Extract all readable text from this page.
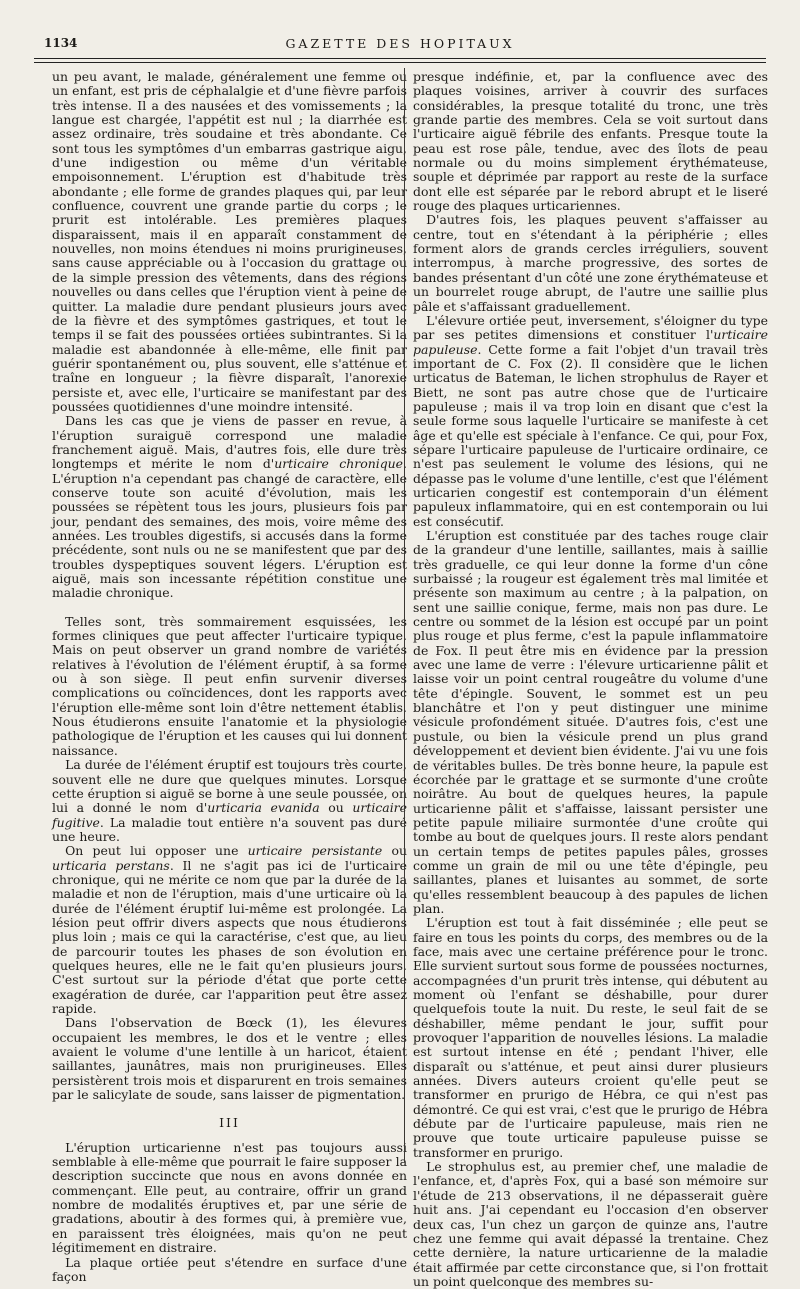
1134	GAZETTE DES HOPITAUX

un peu avant, le malade, généralement une femme ou un enfant, est pris de céphalalgie et d'une fièvre parfois très intense. Il a des nausées et des vomissements ; la langue est chargée, l'appétit est nul ; la diarrhée est assez ordinaire, très soudaine et très abondante. Ce sont tous les symptômes d'un embarras gastrique aigu, d'une indigestion ou même d'un véritable empoisonnement. L'éruption est d'habitude très abondante ; elle forme de grandes plaques qui, par leur confluence, couvrent une grande partie du corps ; le prurit est intolérable. Les premières plaques disparaissent, mais il en apparaît constamment de nouvelles, non moins étendues ni moins prurigineuses, sans cause appréciable ou à l'occasion du grattage ou de la simple pression des vêtements, dans des régions nouvelles ou dans celles que l'éruption vient à peine de quitter. La maladie dure pendant plusieurs jours avec de la fièvre et des symptômes gastriques, et tout le temps il se fait des poussées ortiées subintrantes. Si la maladie est abandonnée à elle-même, elle finit par guérir spontanément ou, plus souvent, elle s'atténue et traîne en longueur ; la fièvre disparaît, l'anorexie persiste et, avec elle, l'urticaire se manifestant par des poussées quotidiennes d'une moindre intensité.

Dans les cas que je viens de passer en revue, à l'éruption suraiguë correspond une maladie franchement aiguë. Mais, d'autres fois, elle dure très longtemps et mérite le nom d'urticaire chronique. L'éruption n'a cependant pas changé de caractère, elle conserve toute son acuité d'évolution, mais les poussées se répètent tous les jours, plusieurs fois par jour, pendant des semaines, des mois, voire même des années. Les troubles digestifs, si accusés dans la forme précédente, sont nuls ou ne se manifestent que par des troubles dyspeptiques souvent légers. L'éruption est aiguë, mais son incessante répétition constitue une maladie chronique.

Telles sont, très sommairement esquissées, les formes cliniques que peut affecter l'urticaire typique. Mais on peut observer un grand nombre de variétés relatives à l'évolution de l'élément éruptif, à sa forme ou à son siège. Il peut enfin survenir diverses complications ou coïncidences, dont les rapports avec l'éruption elle-même sont loin d'être nettement établis. Nous étudierons ensuite l'anatomie et la physiologie pathologique de l'éruption et les causes qui lui donnent naissance.

La durée de l'élément éruptif est toujours très courte, souvent elle ne dure que quelques minutes. Lorsque cette éruption si aiguë se borne à une seule poussée, on lui a donné le nom d'urticaria evanida ou urticaire fugitive. La maladie tout entière n'a souvent pas duré une heure.

On peut lui opposer une urticaire persistante ou urticaria perstans. Il ne s'agit pas ici de l'urticaire chronique, qui ne mérite ce nom que par la durée de la maladie et non de l'éruption, mais d'une urticaire où la durée de l'élément éruptif lui-même est prolongée. La lésion peut offrir divers aspects que nous étudierons plus loin ; mais ce qui la caractérise, c'est que, au lieu de parcourir toutes les phases de son évolution en quelques heures, elle ne le fait qu'en plusieurs jours. C'est surtout sur la période d'état que porte cette exagération de durée, car l'apparition peut être assez rapide.

Dans l'observation de Bœck (1), les élevures occupaient les membres, le dos et le ventre ; elles avaient le volume d'une lentille à un haricot, étaient saillantes, jaunâtres, mais non prurigineuses. Elles persistèrent trois mois et disparurent en trois semaines par le salicylate de soude, sans laisser de pigmentation.

III

L'éruption urticarienne n'est pas toujours aussi semblable à elle-même que pourrait le faire supposer la description succincte que nous en avons donnée en commençant. Elle peut, au contraire, offrir un grand nombre de modalités éruptives et, par une série de gradations, aboutir à des formes qui, à première vue, en paraissent très éloignées, mais qu'on ne peut légitimement en distraire.

La plaque ortiée peut s'étendre en surface d'une façon

presque indéfinie, et, par la confluence avec des plaques voisines, arriver à couvrir des surfaces considérables, la presque totalité du tronc, une très grande partie des membres. Cela se voit surtout dans l'urticaire aiguë fébrile des enfants. Presque toute la peau est rose pâle, tendue, avec des îlots de peau normale ou du moins simplement érythémateuse, souple et déprimée par rapport au reste de la surface dont elle est séparée par le rebord abrupt et le liseré rouge des plaques urticariennes.

D'autres fois, les plaques peuvent s'affaisser au centre, tout en s'étendant à la périphérie ; elles forment alors de grands cercles irréguliers, souvent interrompus, à marche progressive, des sortes de bandes présentant d'un côté une zone érythémateuse et un bourrelet rouge abrupt, de l'autre une saillie plus pâle et s'affaissant graduellement.

L'élevure ortiée peut, inversement, s'éloigner du type par ses petites dimensions et constituer l'urticaire papuleuse. Cette forme a fait l'objet d'un travail très important de C. Fox (2). Il considère que le lichen urticatus de Bateman, le lichen strophulus de Rayer et Biett, ne sont pas autre chose que de l'urticaire papuleuse ; mais il va trop loin en disant que c'est la seule forme sous laquelle l'urticaire se manifeste à cet âge et qu'elle est spéciale à l'enfance. Ce qui, pour Fox, sépare l'urticaire papuleuse de l'urticaire ordinaire, ce n'est pas seulement le volume des lésions, qui ne dépasse pas le volume d'une lentille, c'est que l'élément urticarien congestif est contemporain d'un élément papuleux inflammatoire, qui en est contemporain ou lui est consécutif.

L'éruption est constituée par des taches rouge clair de la grandeur d'une lentille, saillantes, mais à saillie très graduelle, ce qui leur donne la forme d'un cône surbaissé ; la rougeur est également très mal limitée et présente son maximum au centre ; à la palpation, on sent une saillie conique, ferme, mais non pas dure. Le centre ou sommet de la lésion est occupé par un point plus rouge et plus ferme, c'est la papule inflammatoire de Fox. Il peut être mis en évidence par la pression avec une lame de verre : l'élevure urticarienne pâlit et laisse voir un point central rougeâtre du volume d'une tête d'épingle. Souvent, le sommet est un peu blanchâtre et l'on y peut distinguer une minime vésicule profondément située. D'autres fois, c'est une pustule, ou bien la vésicule prend un plus grand développement et devient bien évidente. J'ai vu une fois de véritables bulles. De très bonne heure, la papule est écorchée par le grattage et se surmonte d'une croûte noirâtre. Au bout de quelques heures, la papule urticarienne pâlit et s'affaisse, laissant persister une petite papule miliaire surmontée d'une croûte qui tombe au bout de quelques jours. Il reste alors pendant un certain temps de petites papules pâles, grosses comme un grain de mil ou une tête d'épingle, peu saillantes, planes et luisantes au sommet, de sorte qu'elles ressemblent beaucoup à des papules de lichen plan.

L'éruption est tout à fait disséminée ; elle peut se faire en tous les points du corps, des membres ou de la face, mais avec une certaine préférence pour le tronc. Elle survient surtout sous forme de poussées nocturnes, accompagnées d'un prurit très intense, qui débutent au moment où l'enfant se déshabille, pour durer quelquefois toute la nuit. Du reste, le seul fait de se déshabiller, même pendant le jour, suffit pour provoquer l'apparition de nouvelles lésions. La maladie est surtout intense en été ; pendant l'hiver, elle disparaît ou s'atténue, et peut ainsi durer plusieurs années. Divers auteurs croient qu'elle peut se transformer en prurigo de Hébra, ce qui n'est pas démontré. Ce qui est vrai, c'est que le prurigo de Hébra débute par de l'urticaire papuleuse, mais rien ne prouve que toute urticaire papuleuse puisse se transformer en prurigo.

Le strophulus est, au premier chef, une maladie de l'enfance, et, d'après Fox, qui a basé son mémoire sur l'étude de 213 observations, il ne dépasserait guère huit ans. J'ai cependant eu l'occasion d'en observer deux cas, l'un chez un garçon de quinze ans, l'autre chez une femme qui avait dépassé la trentaine. Chez cette dernière, la nature urticarienne de la maladie était affirmée par cette circonstance que, si l'on frottait un point quelconque des membres su-
